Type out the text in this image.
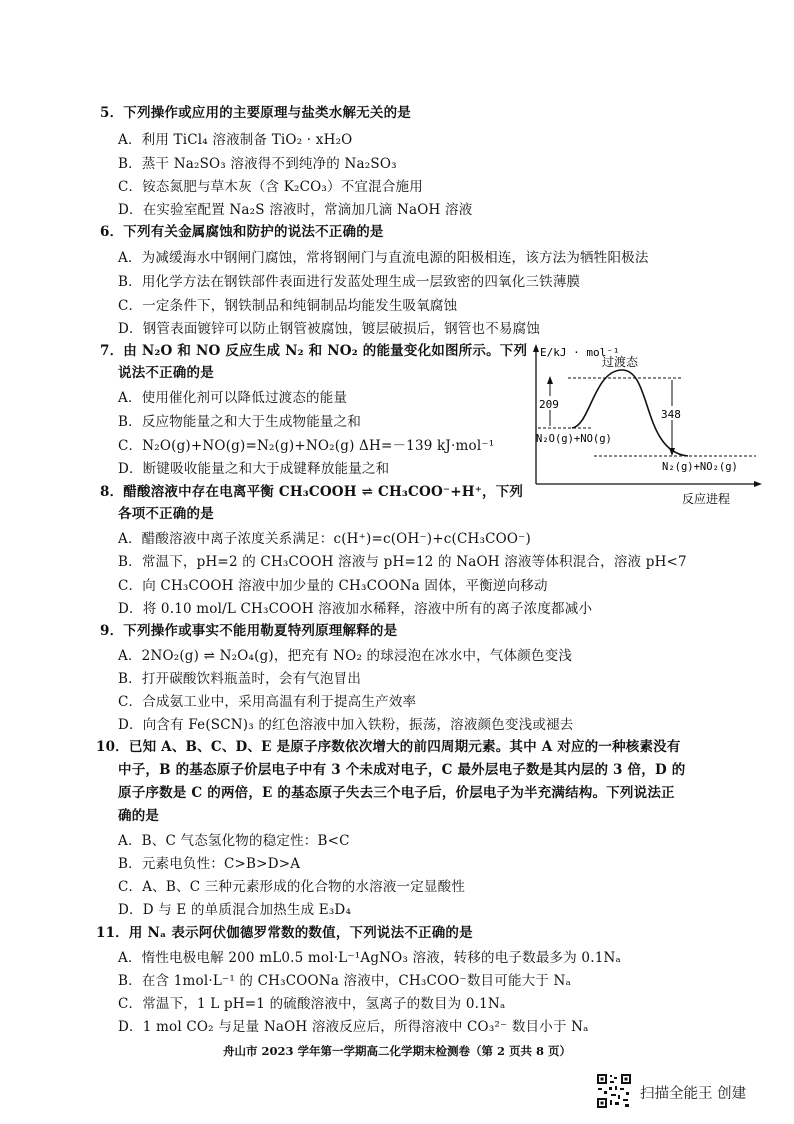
5．下列操作或应用的主要原理与盐类水解无关的是
A．利用 TiCl₄ 溶液制备 TiO₂ · xH₂O
B．蒸干 Na₂SO₃ 溶液得不到纯净的 Na₂SO₃
C．铵态氮肥与草木灰（含 K₂CO₃）不宜混合施用
D．在实验室配置 Na₂S 溶液时，常滴加几滴 NaOH 溶液
6．下列有关金属腐蚀和防护的说法不正确的是
A．为减缓海水中钢闸门腐蚀，常将钢闸门与直流电源的阳极相连，该方法为牺牲阳极法
B．用化学方法在钢铁部件表面进行发蓝处理生成一层致密的四氧化三铁薄膜
C．一定条件下，钢铁制品和纯铜制品均能发生吸氧腐蚀
D．钢管表面镀锌可以防止钢管被腐蚀，镀层破损后，钢管也不易腐蚀
7．由 N₂O 和 NO 反应生成 N₂ 和 NO₂ 的能量变化如图所示。下列
说法不正确的是
A．使用催化剂可以降低过渡态的能量
B．反应物能量之和大于生成物能量之和
C．N₂O(g)+NO(g)=N₂(g)+NO₂(g) ΔH=－139 kJ·mol⁻¹
D．断键吸收能量之和大于成键释放能量之和
E/kJ · mol⁻¹
反应进程
209
348
过渡态
N₂O(g)+NO(g)
N₂(g)+NO₂(g)
8．醋酸溶液中存在电离平衡 CH₃COOH ⇌ CH₃COO⁻+H⁺，下列
各项不正确的是
A．醋酸溶液中离子浓度关系满足：c(H⁺)=c(OH⁻)+c(CH₃COO⁻)
B．常温下，pH=2 的 CH₃COOH 溶液与 pH=12 的 NaOH 溶液等体积混合，溶液 pH<7
C．向 CH₃COOH 溶液中加少量的 CH₃COONa 固体，平衡逆向移动
D．将 0.10 mol/L CH₃COOH 溶液加水稀释，溶液中所有的离子浓度都减小
9．下列操作或事实不能用勒夏特列原理解释的是
A．2NO₂(g) ⇌ N₂O₄(g)，把充有 NO₂ 的球浸泡在冰水中，气体颜色变浅
B．打开碳酸饮料瓶盖时，会有气泡冒出
C．合成氨工业中，采用高温有利于提高生产效率
D．向含有 Fe(SCN)₃ 的红色溶液中加入铁粉，振荡，溶液颜色变浅或褪去
10．已知 A、B、C、D、E 是原子序数依次增大的前四周期元素。其中 A 对应的一种核素没有
中子，B 的基态原子价层电子中有 3 个未成对电子，C 最外层电子数是其内层的 3 倍，D 的
原子序数是 C 的两倍，E 的基态原子失去三个电子后，价层电子为半充满结构。下列说法正
确的是
A．B、C 气态氢化物的稳定性：B<C
B．元素电负性：C>B>D>A
C．A、B、C 三种元素形成的化合物的水溶液一定显酸性
D．D 与 E 的单质混合加热生成 E₃D₄
11．用 Nₐ 表示阿伏伽德罗常数的数值，下列说法不正确的是
A．惰性电极电解 200 mL0.5 mol·L⁻¹AgNO₃ 溶液，转移的电子数最多为 0.1Nₐ
B．在含 1mol·L⁻¹ 的 CH₃COONa 溶液中，CH₃COO⁻数目可能大于 Nₐ
C．常温下，1 L pH=1 的硫酸溶液中，氢离子的数目为 0.1Nₐ
D．1 mol CO₂ 与足量 NaOH 溶液反应后，所得溶液中 CO₃²⁻ 数目小于 Nₐ
舟山市 2023 学年第一学期高二化学期末检测卷（第 2 页共 8 页）
扫描全能王 创建
